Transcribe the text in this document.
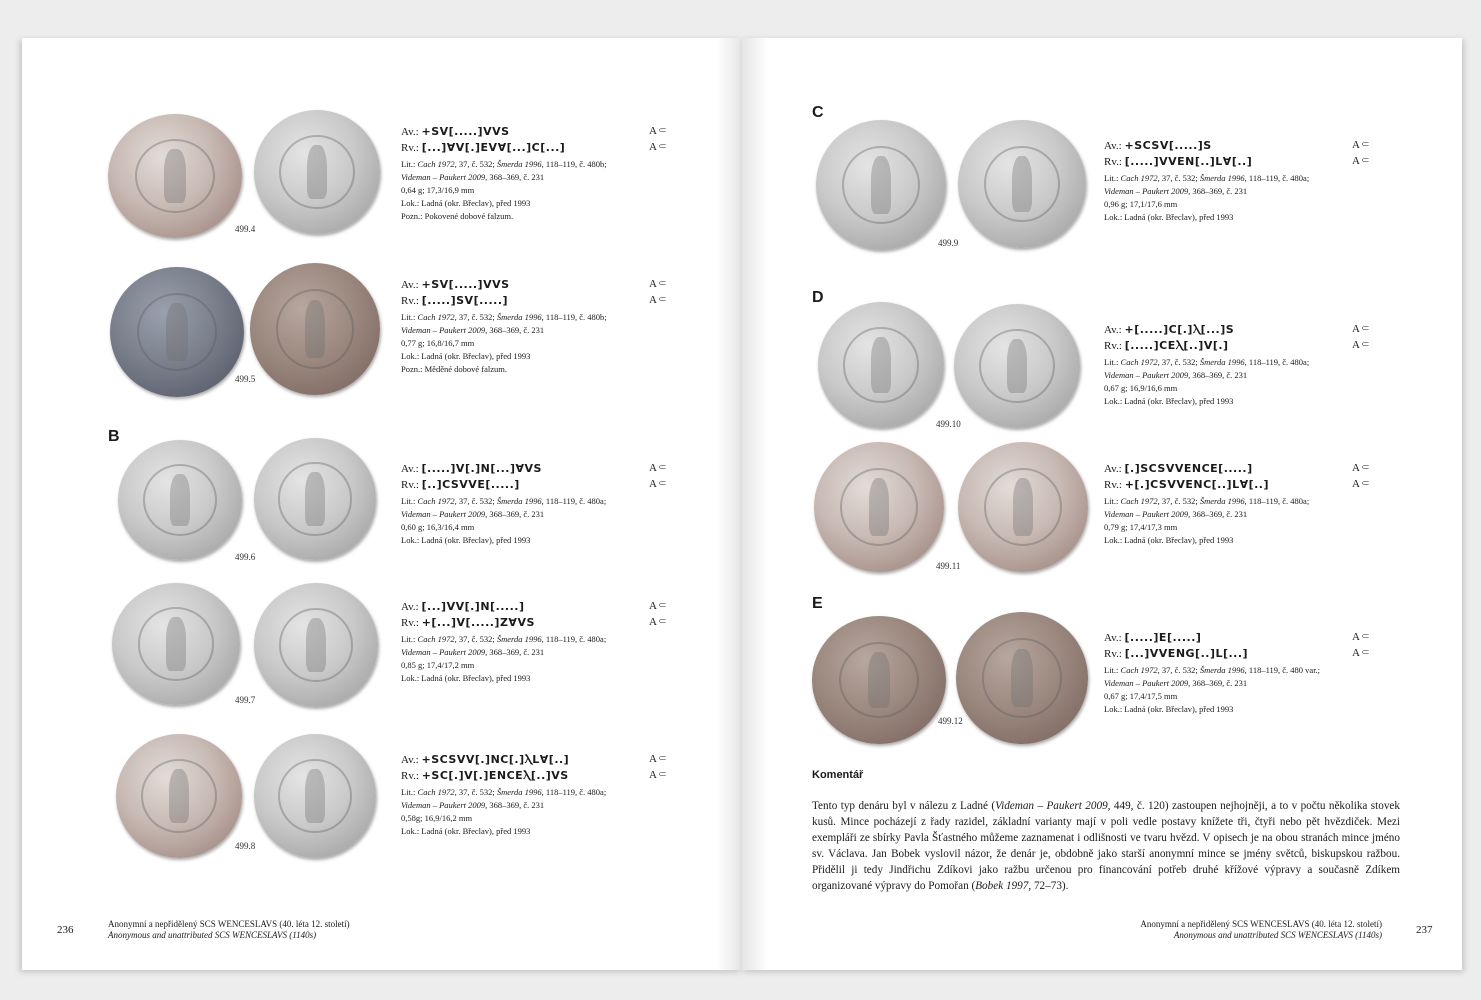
499.4
499.5
B
499.6
499.7
499.8
Av.: +SV[.....]VVS	A⸦
Rv.: [...]∀V[.]EV∀[...]C[...]	A⸦
Lit.: Cach 1972, 37, č. 532; Šmerda 1996, 118–119, č. 480b;
Videman – Paukert 2009, 368–369, č. 231
0,64 g; 17,3/16,9 mm
Lok.: Ladná (okr. Břeclav), před 1993
Pozn.: Pokovené dobové falzum.
Av.: +SV[.....]VVS	A⸦
Rv.: [.....]SV[.....]	A⸦
Lit.: Cach 1972, 37, č. 532; Šmerda 1996, 118–119, č. 480b;
Videman – Paukert 2009, 368–369, č. 231
0,77 g; 16,8/16,7 mm
Lok.: Ladná (okr. Břeclav), před 1993
Pozn.: Měděné dobové falzum.
Av.: [.....]V[.]N[...]∀VS	A⸦
Rv.: [..]CSVVE[.....]	A⸦
Lit.: Cach 1972, 37, č. 532; Šmerda 1996, 118–119, č. 480a;
Videman – Paukert 2009, 368–369, č. 231
0,60 g; 16,3/16,4 mm
Lok.: Ladná (okr. Břeclav), před 1993
Av.: [...]VV[.]N[.....]	A⸦
Rv.: +[...]V[.....]Z∀VS	A⸦
Lit.: Cach 1972, 37, č. 532; Šmerda 1996, 118–119, č. 480a;
Videman – Paukert 2009, 368–369, č. 231
0,85 g; 17,4/17,2 mm
Lok.: Ladná (okr. Břeclav), před 1993
Av.: +SCSVV[.]NC[.]ⲖL∀[..]	A⸦
Rv.: +SC[.]V[.]ENCEⲖ[..]VS	A⸦
Lit.: Cach 1972, 37, č. 532; Šmerda 1996, 118–119, č. 480a;
Videman – Paukert 2009, 368–369, č. 231
0,58g; 16,9/16,2 mm
Lok.: Ladná (okr. Břeclav), před 1993
236	Anonymní a nepřidělený SCS WENCESLAVS (40. léta 12. století)
Anonymous and unattributed SCS WENCESLAVS (1140s)
C
499.9
D
499.10
499.11
E
499.12
Av.: +SCSV[.....]S	A⸦
Rv.: [.....]VVEN[..]L∀[..]	A⸦
Lit.: Cach 1972, 37, č. 532; Šmerda 1996, 118–119, č. 480a;
Videman – Paukert 2009, 368–369, č. 231
0,96 g; 17,1/17,6 mm
Lok.: Ladná (okr. Břeclav), před 1993
Av.: +[.....]C[.]Ⲗ[...]S	A⸦
Rv.: [.....]CEⲖ[..]V[.]	A⸦
Lit.: Cach 1972, 37, č. 532; Šmerda 1996, 118–119, č. 480a;
Videman – Paukert 2009, 368–369, č. 231
0,67 g; 16,9/16,6 mm
Lok.: Ladná (okr. Břeclav), před 1993
Av.: [.]SCSVVENCE[.....]	A⸦
Rv.: +[.]CSVVENC[..]L∀[..]	A⸦
Lit.: Cach 1972, 37, č. 532; Šmerda 1996, 118–119, č. 480a;
Videman – Paukert 2009, 368–369, č. 231
0,79 g; 17,4/17,3 mm
Lok.: Ladná (okr. Břeclav), před 1993
Av.: [.....]E[.....]	A⸦
Rv.: [...]VVENG[..]L[...]	A⸦
Lit.: Cach 1972, 37, č. 532; Šmerda 1996, 118–119, č. 480 var.;
Videman – Paukert 2009, 368–369, č. 231
0,67 g; 17,4/17,5 mm
Lok.: Ladná (okr. Břeclav), před 1993
Komentář
Tento typ denáru byl v nálezu z Ladné (Videman – Paukert 2009, 449, č. 120) zastoupen nejhojněji, a to v počtu několika stovek kusů. Mince pocházejí z řady razidel, základní varianty mají v poli vedle postavy knížete tři, čtyři nebo pět hvězdiček. Mezi exempláři ze sbírky Pavla Šťastného můžeme zaznamenat i odlišnosti ve tvaru hvězd. V opisech je na obou stranách mince jméno sv. Václava. Jan Bobek vyslovil názor, že denár je, obdobně jako starší anonymní mince se jmény světců, biskupskou ražbou. Přidělil ji tedy Jindřichu Zdíkovi jako ražbu určenou pro financování potřeb druhé křížové výpravy a současně Zdíkem organizované výpravy do Pomořan (Bobek 1997, 72–73).
Anonymní a nepřidělený SCS WENCESLAVS (40. léta 12. století)
Anonymous and unattributed SCS WENCESLAVS (1140s)	237
